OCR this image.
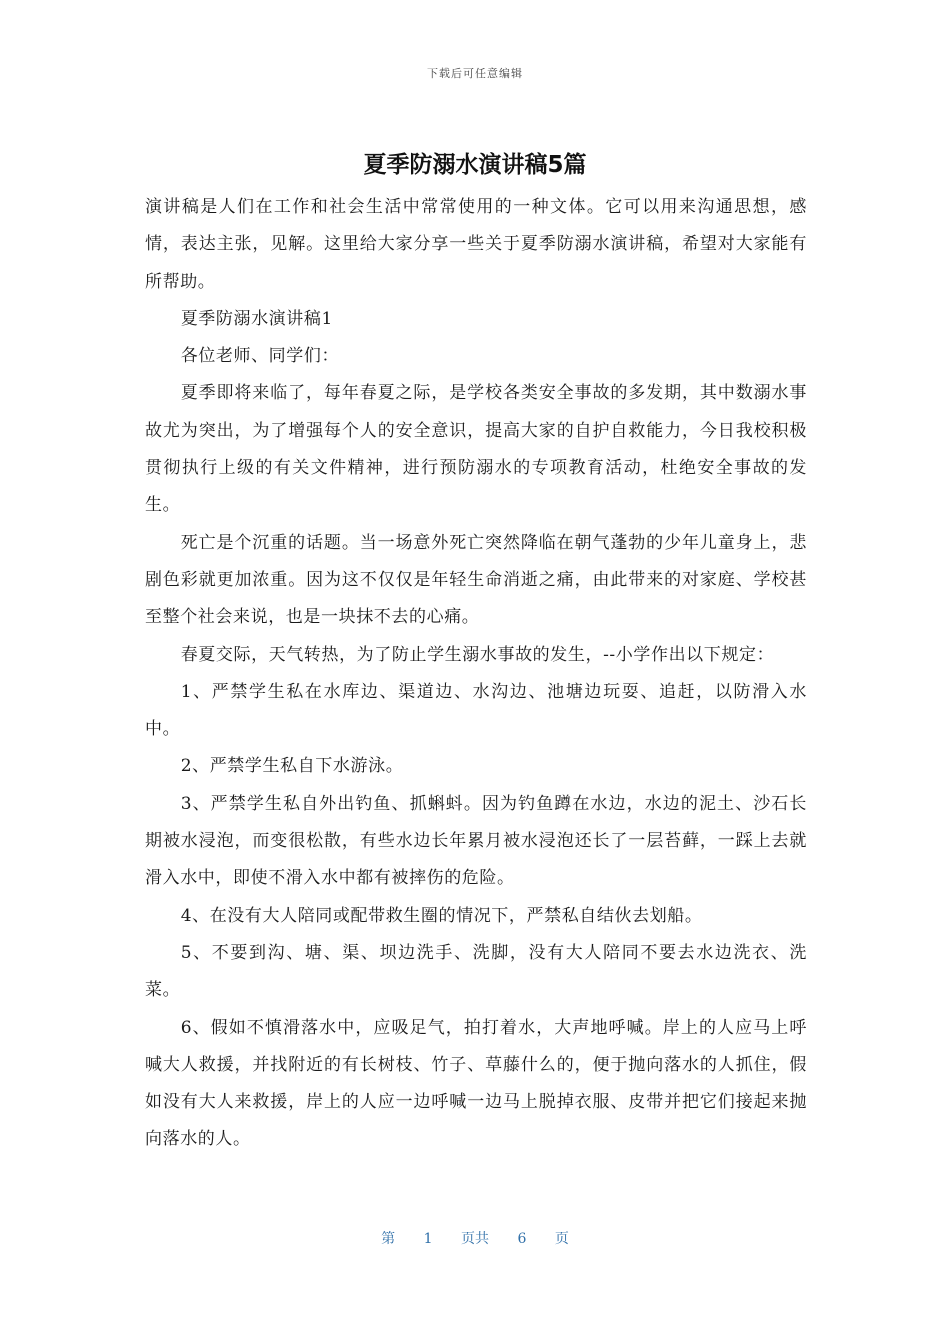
下载后可任意编辑
夏季防溺水演讲稿5篇

演讲稿是人们在工作和社会生活中常常使用的一种文体。它可以用来沟通思想，感情，表达主张，见解。这里给大家分享一些关于夏季防溺水演讲稿，希望对大家能有所帮助。

夏季防溺水演讲稿1

各位老师、同学们：

夏季即将来临了，每年春夏之际，是学校各类安全事故的多发期，其中数溺水事故尤为突出，为了增强每个人的安全意识，提高大家的自护自救能力，今日我校积极贯彻执行上级的有关文件精神，进行预防溺水的专项教育活动，杜绝安全事故的发生。

死亡是个沉重的话题。当一场意外死亡突然降临在朝气蓬勃的少年儿童身上，悲剧色彩就更加浓重。因为这不仅仅是年轻生命消逝之痛，由此带来的对家庭、学校甚至整个社会来说，也是一块抹不去的心痛。

春夏交际，天气转热，为了防止学生溺水事故的发生，--小学作出以下规定：

1、严禁学生私在水库边、渠道边、水沟边、池塘边玩耍、追赶，以防滑入水中。

2、严禁学生私自下水游泳。

3、严禁学生私自外出钓鱼、抓蝌蚪。因为钓鱼蹲在水边，水边的泥土、沙石长期被水浸泡，而变很松散，有些水边长年累月被水浸泡还长了一层苔藓，一踩上去就滑入水中，即使不滑入水中都有被摔伤的危险。

4、在没有大人陪同或配带救生圈的情况下，严禁私自结伙去划船。

5、不要到沟、塘、渠、坝边洗手、洗脚，没有大人陪同不要去水边洗衣、洗菜。

6、假如不慎滑落水中，应吸足气，拍打着水，大声地呼喊。岸上的人应马上呼喊大人救援，并找附近的有长树枝、竹子、草藤什么的，便于抛向落水的人抓住，假如没有大人来救援，岸上的人应一边呼喊一边马上脱掉衣服、皮带并把它们接起来抛向落水的人。

第 1 页共 6 页
